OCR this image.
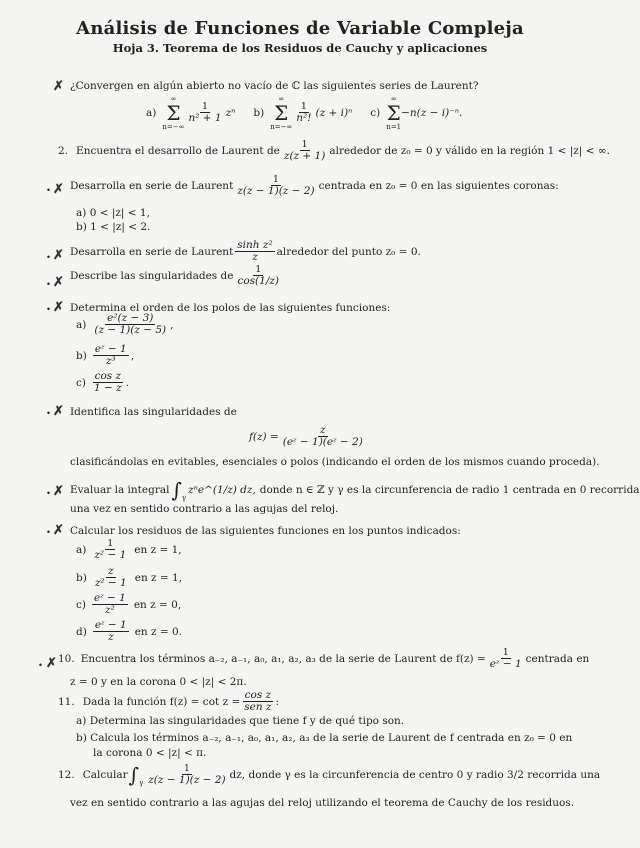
Análisis de Funciones de Variable Compleja
Hoja 3. Teorema de los Residuos de Cauchy y aplicaciones
✗ ¿Convergen en algún abierto no vacío de ℂ las siguientes series de Laurent?
a)
∞
Σ
n=−∞
$\frac{1}{\text{n² + 1}}$ zⁿ b)
∞
Σ
n=−∞
$\frac{1}{\text{n²!}} (z + i)^n$ c)
∞
Σ
n=1
−n(z − i)⁻ⁿ.
2. Encuentra el desarrollo de Laurent de $\frac{1}{z(z + 1)}$ alrededor de z₀ = 0 y válido en la región 1 < |z| < ∞.
• ✗ Desarrolla en serie de Laurent $\frac{1}{z(z - 1)(z - 2)}$ centrada en z₀ = 0 en las siguientes coronas:
a) 0 < |z| < 1,
b) 1 < |z| < 2.
• ✗ Desarrolla en serie de Laurent $\frac{\text{sinh z²}}{z}$ alrededor del punto z₀ = 0.
• ✗ Describe las singularidades de $\frac{1}{\cos(1/z)}$
• ✗ Determina el orden de los polos de las siguientes funciones:
$a) \frac{\text{e²(z − 3)}}{(z - 1)(z - 5)}$ ,
$b) \frac{\text{eᶻ − 1}}{\text{z³}}$ ,
$c) \frac{\text{cos z}}{1 - z}$ .
• ✗ Identifica las singularidades de
$f(z) = \frac{z}{\text{(eᶻ − 1)(eᶻ − 2)}}$
clasificándolas en evitables, esenciales o polos (indicando el orden de los mismos cuando proceda).
• ✗ Evaluar la integral ∫ γ
zⁿe^(1/z) dz, donde n ∈ ℤ y γ es la circunferencia de radio 1 centrada en 0 recorrida
una vez en sentido contrario a las agujas del reloj.
• ✗ Calcular los residuos de las siguientes funciones en los puntos indicados:
$a) \frac{1}{\text{z² − 1}}$ en z = 1,
$b) \frac{z}{\text{z² − 1}}$ en z = 1,
$c) \frac{\text{eᶻ − 1}}{\text{z²}}$ en z = 0,
$d) \frac{\text{eᶻ − 1}}{z}$ en z = 0.
• ✗ 10. Encuentra los términos a₋₂, a₋₁, a₀, a₁, a₂, a₃ de la serie de Laurent de $f(z) = \frac{1}{\text{eᶻ − 1}}$ centrada en
z = 0 y en la corona 0 < |z| < 2π.
11. Dada la función $f(z) = \cot z = \frac{\text{cos z}}{\text{sen z}}$ :
a) Determina las singularidades que tiene f y de qué tipo son.
b) Calcula los términos a₋₂, a₋₁, a₀, a₁, a₂, a₃ de la serie de Laurent de f centrada en z₀ = 0 en
la corona 0 < |z| < π.
12. Calcular ∫ γ $\frac{1}{z(z - 1)(z - 2)}$ dz, donde γ es la circunferencia de centro 0 y radio 3/2 recorrida una
vez en sentido contrario a las agujas del reloj utilizando el teorema de Cauchy de los residuos.
